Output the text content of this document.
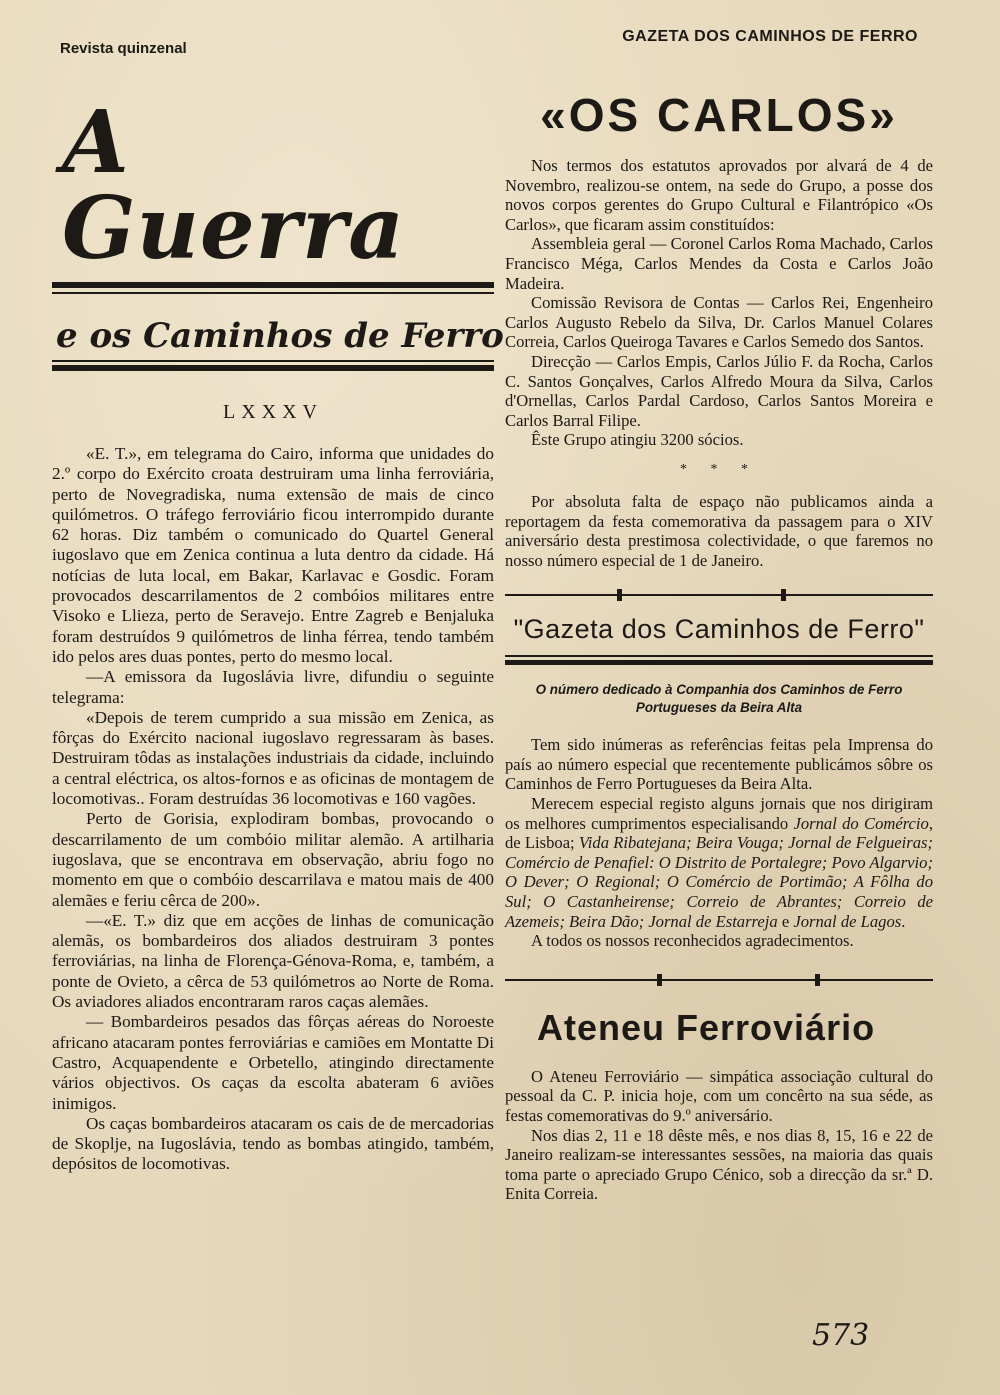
Revista quinzenal
GAZETA DOS CAMINHOS DE FERRO
A Guerra
e os Caminhos de Ferro
LXXXV

«E. T.», em telegrama do Cairo, informa que unidades do 2.º corpo do Exército croata destruiram uma linha ferroviária, perto de Novegradiska, numa extensão de mais de cinco quilómetros. O tráfego ferroviário ficou interrompido durante 62 horas. Diz também o comunicado do Quartel General iugoslavo que em Zenica continua a luta dentro da cidade. Há notícias de luta local, em Bakar, Karlavac e Gosdic. Foram provocados descarrilamentos de 2 combóios militares entre Visoko e Llieza, perto de Seravejo. Entre Zagreb e Benjaluka foram destruídos 9 quilómetros de linha férrea, tendo também ido pelos ares duas pontes, perto do mesmo local.

—A emissora da Iugoslávia livre, difundiu o seguinte telegrama:

«Depois de terem cumprido a sua missão em Zenica, as fôrças do Exército nacional iugoslavo regressaram às bases. Destruiram tôdas as instalações industriais da cidade, incluindo a central eléctrica, os altos-fornos e as oficinas de montagem de locomotivas.. Foram destruídas 36 locomotivas e 160 vagões.

Perto de Gorisia, explodiram bombas, provocando o descarrilamento de um combóio militar alemão. A artilharia iugoslava, que se encontrava em observação, abriu fogo no momento em que o combóio descarrilava e matou mais de 400 alemães e feriu cêrca de 200».

—«E. T.» diz que em acções de linhas de comunicação alemãs, os bombardeiros dos aliados destruiram 3 pontes ferroviárias, na linha de Florença-Génova-Roma, e, também, a ponte de Ovieto, a cêrca de 53 quilómetros ao Norte de Roma. Os aviadores aliados encontraram raros caças alemães.

— Bombardeiros pesados das fôrças aéreas do Noroeste africano atacaram pontes ferroviárias e camiões em Montatte Di Castro, Acquapendente e Orbetello, atingindo directamente vários objectivos. Os caças da escolta abateram 6 aviões inimigos.

Os caças bombardeiros atacaram os cais de de mercadorias de Skoplje, na Iugoslávia, tendo as bombas atingido, também, depósitos de locomotivas.

«OS CARLOS»

Nos termos dos estatutos aprovados por alvará de 4 de Novembro, realizou-se ontem, na sede do Grupo, a posse dos novos corpos gerentes do Grupo Cultural e Filantrópico «Os Carlos», que ficaram assim constituídos:

Assembleia geral — Coronel Carlos Roma Machado, Carlos Francisco Méga, Carlos Mendes da Costa e Carlos João Madeira.

Comissão Revisora de Contas — Carlos Rei, Engenheiro Carlos Augusto Rebelo da Silva, Dr. Carlos Manuel Colares Correia, Carlos Queiroga Tavares e Carlos Semedo dos Santos.

Direcção — Carlos Empis, Carlos Júlio F. da Rocha, Carlos C. Santos Gonçalves, Carlos Alfredo Moura da Silva, Carlos d'Ornellas, Carlos Pardal Cardoso, Carlos Santos Moreira e Carlos Barral Filipe.

Êste Grupo atingiu 3200 sócios.

* * *

Por absoluta falta de espaço não publicamos ainda a reportagem da festa comemorativa da passagem para o XIV aniversário desta prestimosa colectividade, o que faremos no nosso número especial de 1 de Janeiro.

"Gazeta dos Caminhos de Ferro"
O número dedicado à Companhia dos Caminhos de Ferro Portugueses da Beira Alta

Tem sido inúmeras as referências feitas pela Imprensa do país ao número especial que recentemente publicámos sôbre os Caminhos de Ferro Portugueses da Beira Alta.

Merecem especial registo alguns jornais que nos dirigiram os melhores cumprimentos especialisando Jornal do Comércio, de Lisboa; Vida Ribatejana; Beira Vouga; Jornal de Felgueiras; Comércio de Penafiel: O Distrito de Portalegre; Povo Algarvio; O Dever; O Regional; O Comércio de Portimão; A Fôlha do Sul; O Castanheirense; Correio de Abrantes; Correio de Azemeis; Beira Dão; Jornal de Estarreja e Jornal de Lagos.

A todos os nossos reconhecidos agradecimentos.

Ateneu Ferroviário

O Ateneu Ferroviário — simpática associação cultural do pessoal da C. P. inicia hoje, com um concêrto na sua séde, as festas comemorativas do 9.º aniversário.

Nos dias 2, 11 e 18 dêste mês, e nos dias 8, 15, 16 e 22 de Janeiro realizam-se interessantes sessões, na maioria das quais toma parte o apreciado Grupo Cénico, sob a direcção da sr.ª D. Enita Correia.

573
